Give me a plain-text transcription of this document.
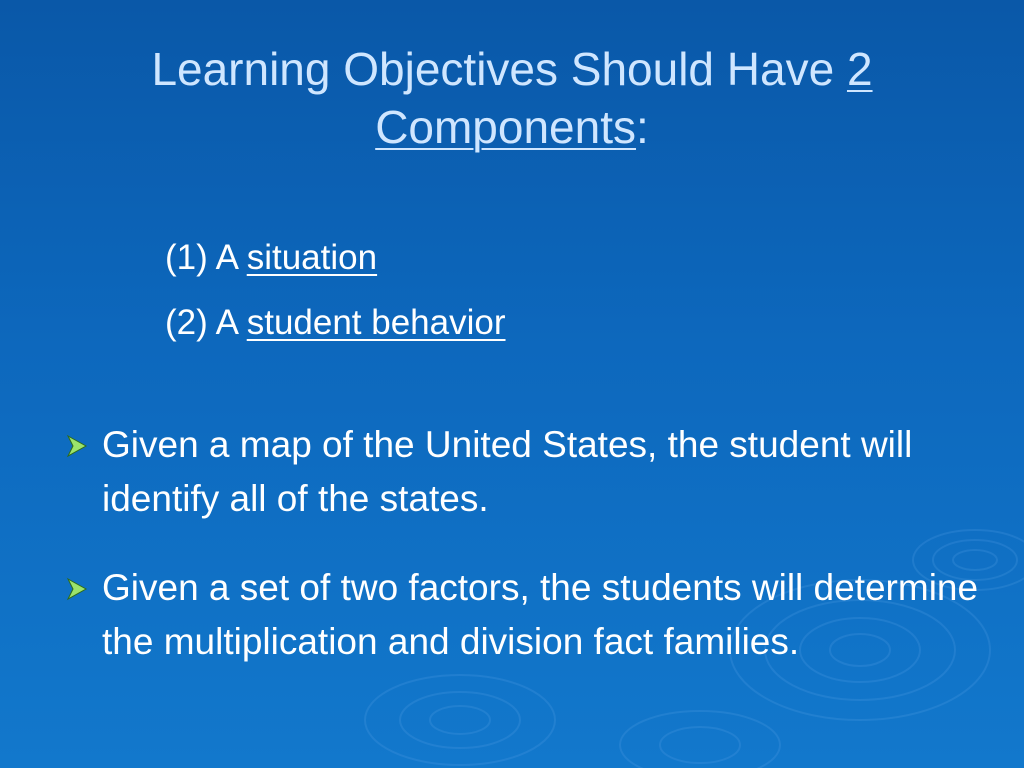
Learning Objectives Should Have 2
Components:
(1) A situation
(2) A student behavior
Given a map of the United States, the student will identify all of the states.
Given a set of two factors, the students will determine the multiplication and division fact families.
